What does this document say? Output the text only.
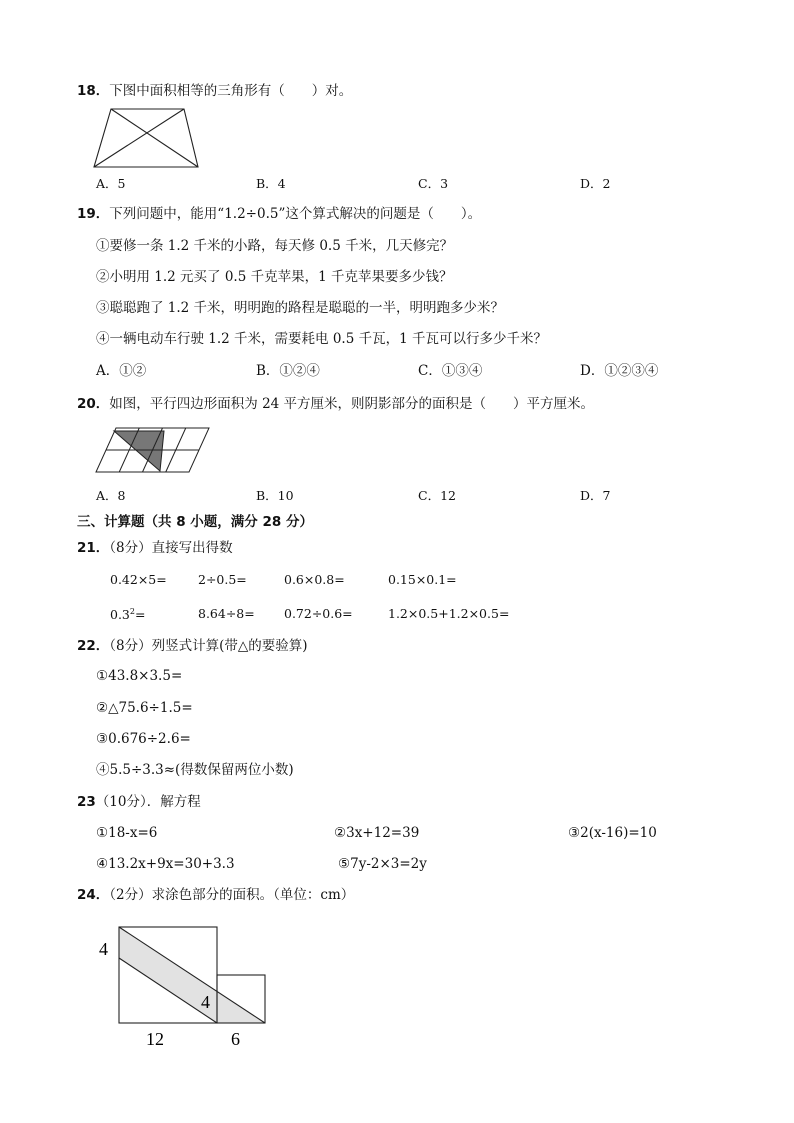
18．下图中面积相等的三角形有（　　）对。
A．5	B．4	C．3	D．2
19．下列问题中，能用“1.2÷0.5”这个算式解决的问题是（　　）。
①要修一条 1.2 千米的小路，每天修 0.5 千米，几天修完？
②小明用 1.2 元买了 0.5 千克苹果，1 千克苹果要多少钱？
③聪聪跑了 1.2 千米，明明跑的路程是聪聪的一半，明明跑多少米？
④一辆电动车行驶 1.2 千米，需要耗电 0.5 千瓦，1 千瓦可以行多少千米？
A．①②	B．①②④	C．①③④	D．①②③④
20．如图，平行四边形面积为 24 平方厘米，则阴影部分的面积是（　　）平方厘米。
A．8	B．10	C．12	D．7
三、计算题（共 8 小题，满分 28 分）
21．（8分）直接写出得数
0.42×5=	2÷0.5=	0.6×0.8=	0.15×0.1=
$0.3^2=$	8.64÷8= 0.72÷0.6=	1.2×0.5+1.2×0.5=
22．（8分）列竖式计算(带△的要验算)
①43.8×3.5=
②△75.6÷1.5=
③0.676÷2.6=
④5.5÷3.3≈(得数保留两位小数)
23（10分）．解方程
①18-x=6	②3x+12=39	③2(x-16)=10
④13.2x+9x=30+3.3	⑤7y-2×3=2y
24．（2分）求涂色部分的面积。（单位：cm）
4
4
12	6
